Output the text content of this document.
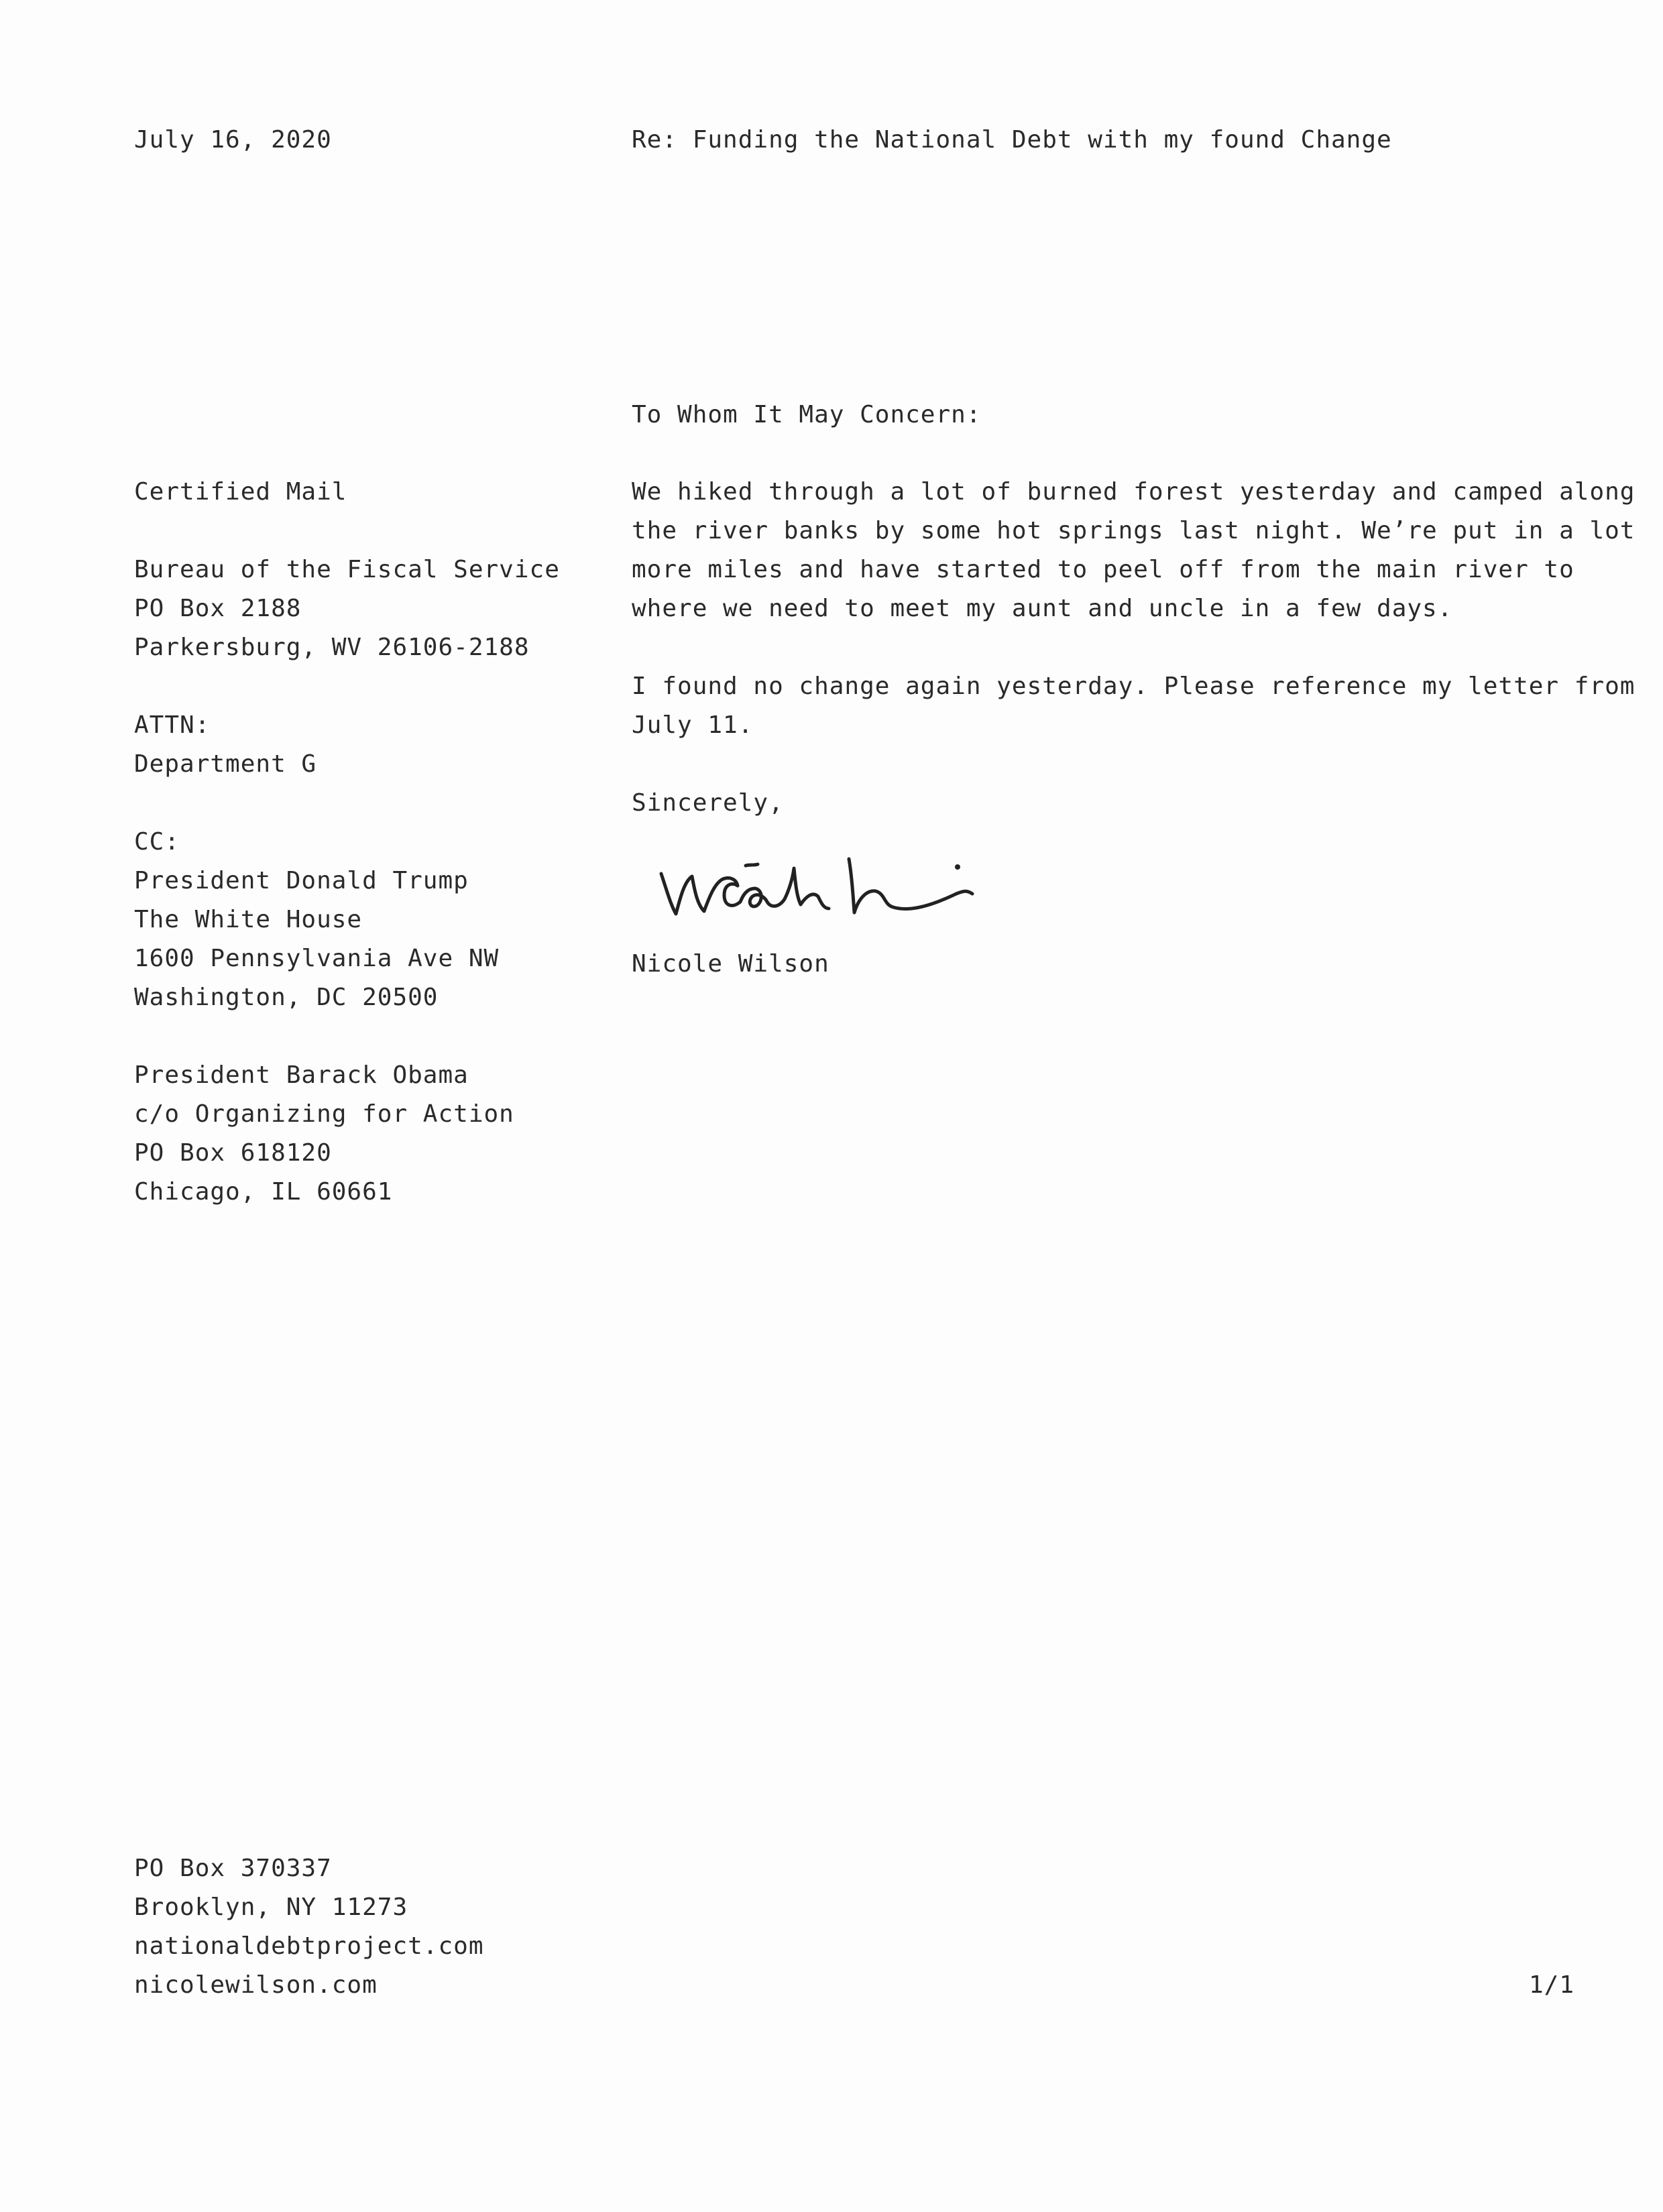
July 16, 2020	Re: Funding the National Debt with my found Change
To Whom It May Concern:
Certified Mail
Bureau of the Fiscal Service
PO Box 2188
Parkersburg, WV 26106-2188
ATTN:
Department G
CC:
President Donald Trump
The White House
1600 Pennsylvania Ave NW
Washington, DC 20500
President Barack Obama
c/o Organizing for Action
PO Box 618120
Chicago, IL 60661
We hiked through a lot of burned forest yesterday and camped along
the river banks by some hot springs last night. We’re put in a lot
more miles and have started to peel off from the main river to
where we need to meet my aunt and uncle in a few days.
I found no change again yesterday. Please reference my letter from
July 11.
Sincerely,
Nicole Wilson
PO Box 370337
Brooklyn, NY 11273
nationaldebtproject.com
nicolewilson.com	1/1
